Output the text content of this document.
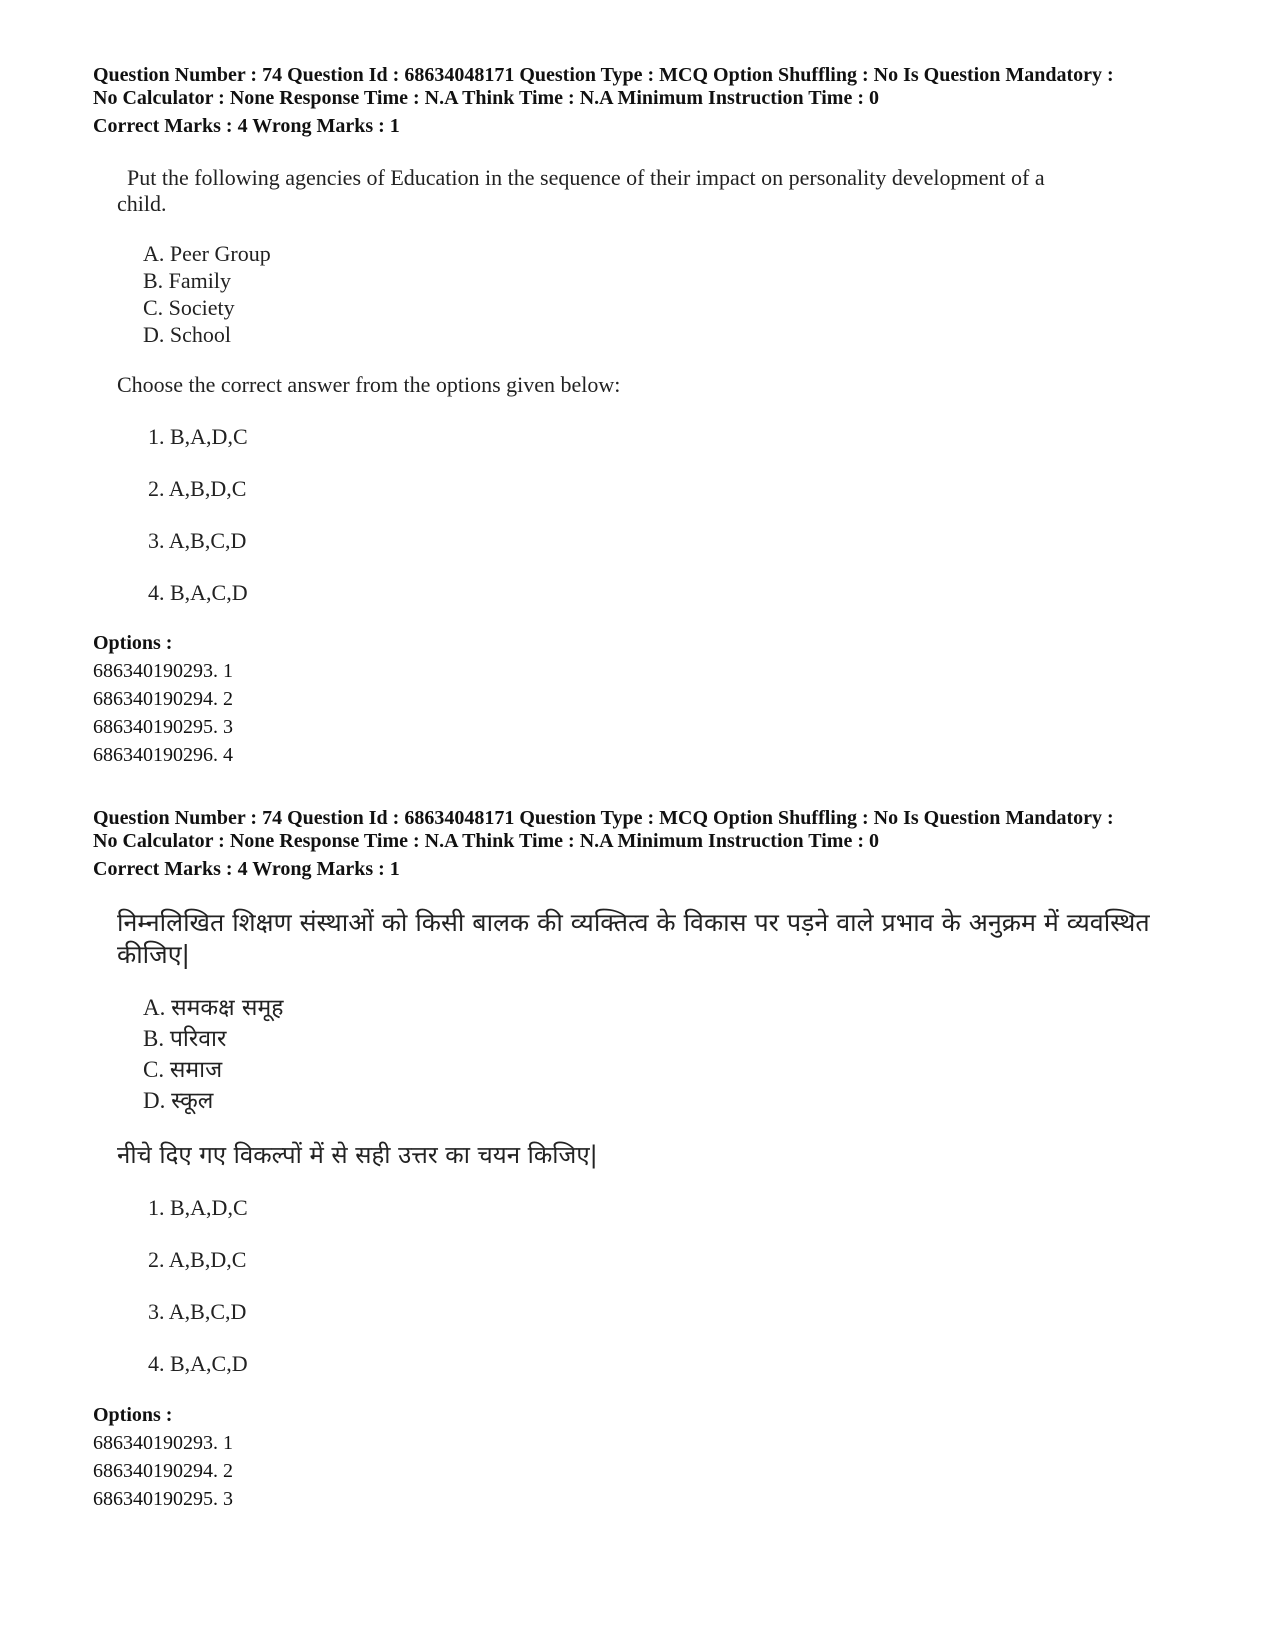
Question Number : 74 Question Id : 68634048171 Question Type : MCQ Option Shuffling : No Is Question Mandatory :

No Calculator : None Response Time : N.A Think Time : N.A Minimum Instruction Time : 0

Correct Marks : 4 Wrong Marks : 1

Put the following agencies of Education in the sequence of their impact on personality development of a

child.

A. Peer Group

B. Family

C. Society

D. School

Choose the correct answer from the options given below:

1. B,A,D,C

2. A,B,D,C

3. A,B,C,D

4. B,A,C,D

Options :

686340190293. 1

686340190294. 2

686340190295. 3

686340190296. 4

Question Number : 74 Question Id : 68634048171 Question Type : MCQ Option Shuffling : No Is Question Mandatory :

No Calculator : None Response Time : N.A Think Time : N.A Minimum Instruction Time : 0

Correct Marks : 4 Wrong Marks : 1

निम्नलिखित शिक्षण संस्थाओं को किसी बालक की व्यक्तित्व के विकास पर पड़ने वाले प्रभाव के अनुक्रम में व्यवस्थित

कीजिए|

A. समकक्ष समूह

B. परिवार

C. समाज

D. स्कूल

नीचे दिए गए विकल्पों में से सही उत्तर का चयन किजिए|

1. B,A,D,C

2. A,B,D,C

3. A,B,C,D

4. B,A,C,D

Options :

686340190293. 1

686340190294. 2

686340190295. 3
